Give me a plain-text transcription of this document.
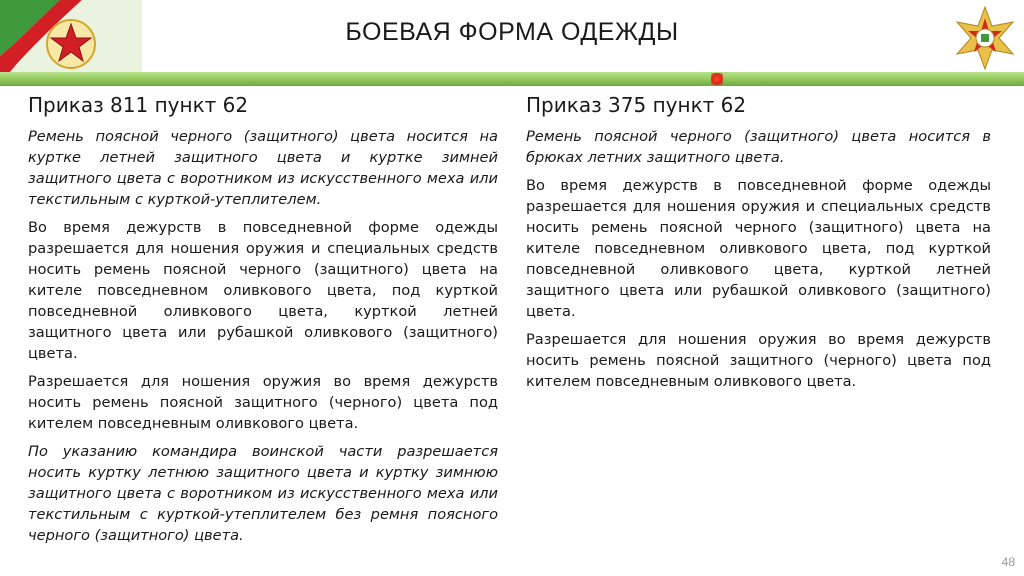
БОЕВАЯ ФОРМА ОДЕЖДЫ
Приказ 811 пункт 62

Ремень поясной черного (защитного) цвета носится на куртке летней защитного цвета и куртке зимней защитного цвета с воротником из искусственного меха или текстильным с курткой-утеплителем.

Во время дежурств в повседневной форме одежды разрешается для ношения оружия и специальных средств носить ремень поясной черного (защитного) цвета на кителе повседневном оливкового цвета, под курткой повседневной оливкового цвета, курткой летней защитного цвета или рубашкой оливкового (защитного) цвета.

Разрешается для ношения оружия во время дежурств носить ремень поясной защитного (черного) цвета под кителем повседневным оливкового цвета.

По указанию командира воинской части разрешается носить куртку летнюю защитного цвета и куртку зимнюю защитного цвета с воротником из искусственного меха или текстильным с курткой-утеплителем без ремня поясного черного (защитного) цвета.

Приказ 375 пункт 62

Ремень поясной черного (защитного) цвета носится в брюках летних защитного цвета.

Во время дежурств в повседневной форме одежды разрешается для ношения оружия и специальных средств носить ремень поясной черного (защитного) цвета на кителе повседневном оливкового цвета, под курткой повседневной оливкового цвета, курткой летней защитного цвета или рубашкой оливкового (защитного) цвета.

Разрешается для ношения оружия во время дежурств носить ремень поясной защитного (черного) цвета под кителем повседневным оливкового цвета.

48
